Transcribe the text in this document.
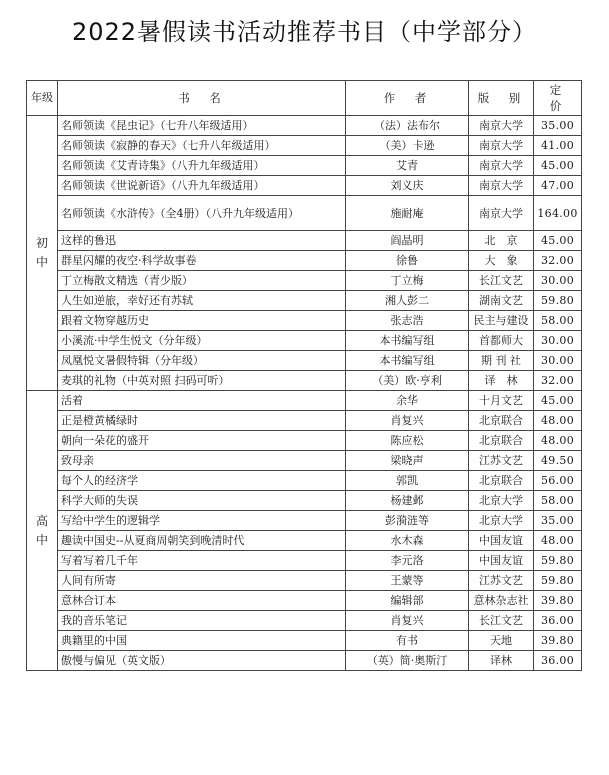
2022暑假读书活动推荐书目（中学部分）
年级	书　名	作　者	版　别	定　价
初中	名师领读《昆虫记》（七升八年级适用）	（法）法布尔	南京大学	35.00
	名师领读《寂静的春天》（七升八年级适用）	（美）卡逊	南京大学	41.00
	名师领读《艾青诗集》（八升九年级适用）	艾青	南京大学	45.00
	名师领读《世说新语》（八升九年级适用）	刘义庆	南京大学	47.00
	名师领读《水浒传》（全4册）（八升九年级适用）	施耐庵	南京大学	164.00
	这样的鲁迅	阎晶明	北　京	45.00
	群星闪耀的夜空·科学故事卷	徐鲁	大　象	32.00
	丁立梅散文精选（青少版）	丁立梅	长江文艺	30.00
	人生如逆旅，幸好还有苏轼	湘人彭二	湖南文艺	59.80
	跟着文物穿越历史	张志浩	民主与建设	58.00
	小溪流·中学生悦文（分年级）	本书编写组	首都师大	30.00
	凤凰悦文暑假特辑（分年级）	本书编写组	期 刊 社	30.00
	麦琪的礼物（中英对照 扫码可听）	（美）欧·亨利	译　林	32.00
高中	活着	余华	十月文艺	45.00
	正是橙黄橘绿时	肖复兴	北京联合	48.00
	朝向一朵花的盛开	陈应松	北京联合	48.00
	致母亲	梁晓声	江苏文艺	49.50
	每个人的经济学	郭凯	北京联合	56.00
	科学大师的失误	杨建邺	北京大学	58.00
	写给中学生的逻辑学	彭漪涟等	北京大学	35.00
	趣读中国史--从夏商周朝笑到晚清时代	水木森	中国友谊	48.00
	写着写着几千年	李元洛	中国友谊	59.80
	人间有所寄	王蒙等	江苏文艺	59.80
	意林合订本	编辑部	意林杂志社	39.80
	我的音乐笔记	肖复兴	长江文艺	36.00
	典籍里的中国	有书	天地	39.80
	傲慢与偏见（英文版）	（英）简·奥斯汀	译林	36.00
